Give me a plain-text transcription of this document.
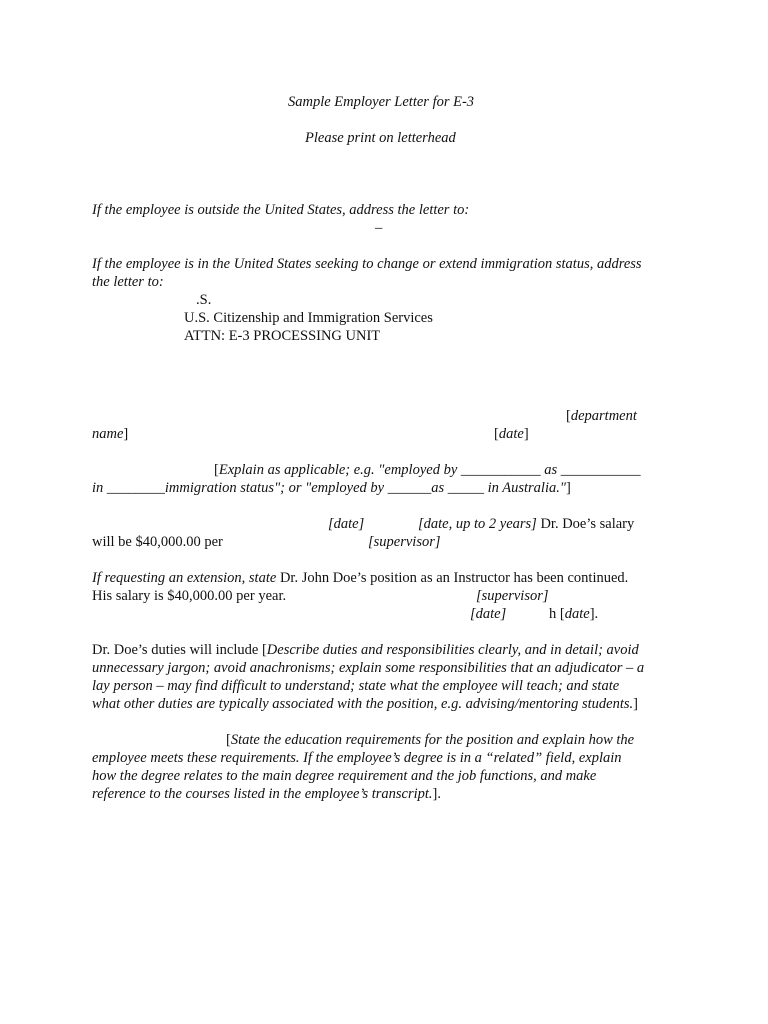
Sample Employer Letter for E-3
Please print on letterhead
If the employee is outside the United States, address the letter to:
–
If the employee is in the United States seeking to change or extend immigration status, address
the letter to:
.S.
U.S. Citizenship and Immigration Services
ATTN: E-3 PROCESSING UNIT
[department
name]	[date]
[Explain as applicable; e.g. "employed by ___________ as ___________
in ________immigration status"; or "employed by ______as _____ in Australia."]
[date]	[date, up to 2 years] Dr. Doe’s salary
will be $40,000.00 per	[supervisor]
If requesting an extension, state Dr. John Doe’s position as an Instructor has been continued.
His salary is $40,000.00 per year.	[supervisor]
[date]	h [date].
Dr. Doe’s duties will include [Describe duties and responsibilities clearly, and in detail; avoid
unnecessary jargon; avoid anachronisms; explain some responsibilities that an adjudicator – a
lay person – may find difficult to understand; state what the employee will teach; and state
what other duties are typically associated with the position, e.g. advising/mentoring students.]
[State the education requirements for the position and explain how the
employee meets these requirements. If the employee’s degree is in a “related” field, explain
how the degree relates to the main degree requirement and the job functions, and make
reference to the courses listed in the employee’s transcript.].
